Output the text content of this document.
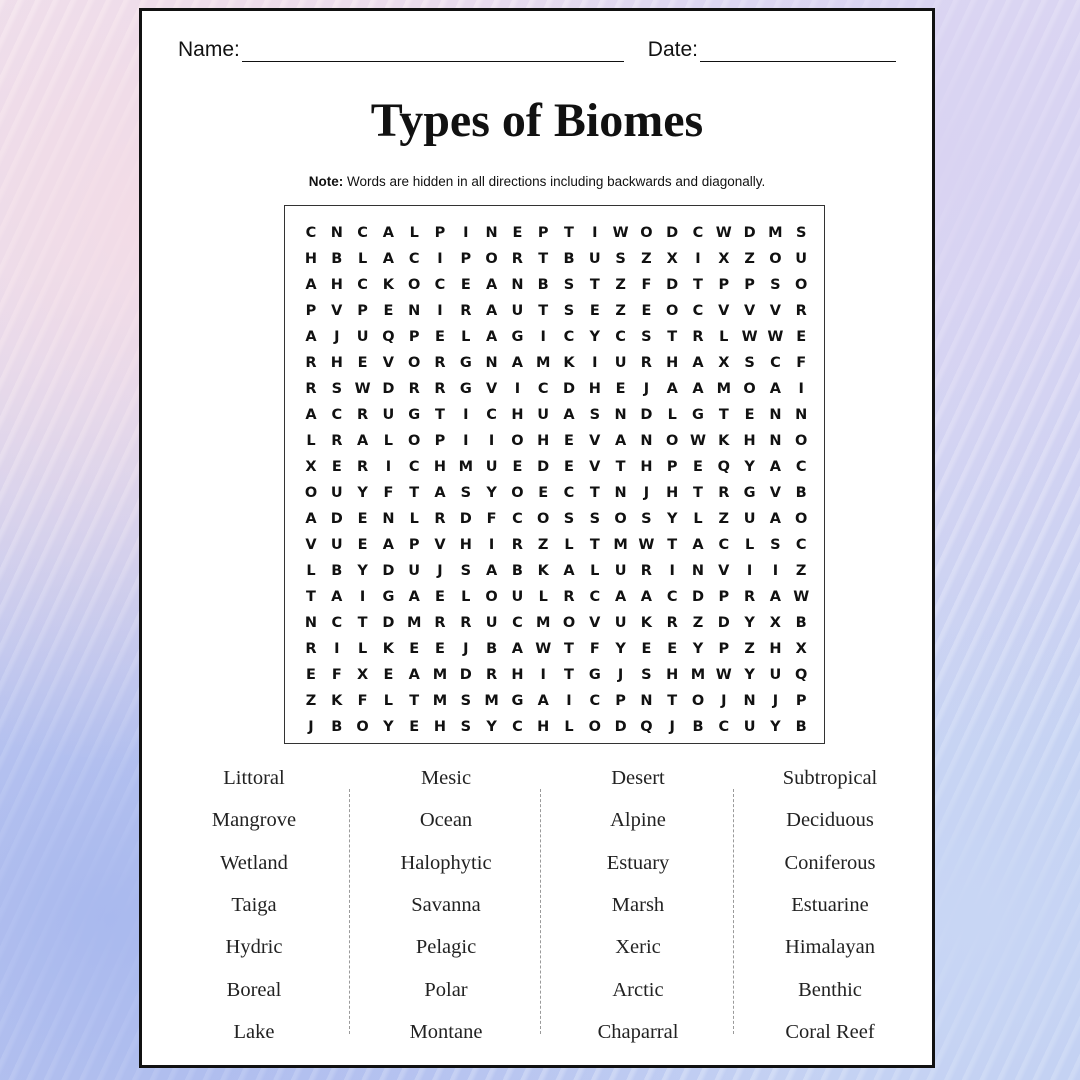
Name:	Date:
Types of Biomes
Note: Words are hidden in all directions including backwards and diagonally.
C N C	A	L	P	I	N	E	P	T	I	W O D C W D M S
H B	L	A	C	I	P O R	T	B U	S	Z	X	I	X	Z O U
A H C	K O C	E	A N B	S	T	Z	F	D	T	P	P	S O
P	V	P	E	N	I	R	A U	T	S	E	Z	E	O C	V	V	V	R
A	J	U Q P	E	L	A G	I	C	Y	C	S	T	R	L W W E
R H	E	V O R G N A M K	I	U R H A	X	S	C	F
R	S W D R	R G V	I	C D H	E	J	A	A M O A	I
A	C	R U G	T	I	C H U A	S	N D	L	G	T	E	N N
L	R	A	L	O P	I	I	O H	E	V	A N O W K H N O
X	E	R	I	C H M U	E	D	E	V	T	H P	E	Q Y	A	C
O U	Y	F	T	A	S	Y O	E	C	T	N	J	H	T	R G V	B
A D	E	N	L	R D	F	C O S	S O S	Y	L	Z	U A O
V U	E	A	P	V H	I	R	Z	L	T M W T	A	C	L	S	C
L	B	Y	D U	J	S	A	B	K	A	L	U R	I	N V	I	I	Z
T	A	I	G A	E	L	O U	L	R	C	A	A	C D P	R	A W
N C	T	D M R	R U	C M O V U K	R	Z	D	Y	X	B
R	I	L	K	E	E	J	B	A W T	F	Y	E	E	Y	P	Z H X
E	F	X	E	A M D R H	I	T	G	J	S	H M W Y	U Q
Z	K	F	L	T M S M G A	I	C	P N	T	O	J	N	J	P
J	B O Y	E	H	S	Y	C H	L	O D Q	J	B	C	U	Y	B
Littoral
Mangrove
Wetland
Taiga
Hydric
Boreal
Lake
Mesic
Ocean
Halophytic
Savanna
Pelagic
Polar
Montane
Desert
Alpine
Estuary
Marsh
Xeric
Arctic
Chaparral
Subtropical
Deciduous
Coniferous
Estuarine
Himalayan
Benthic
Coral Reef
